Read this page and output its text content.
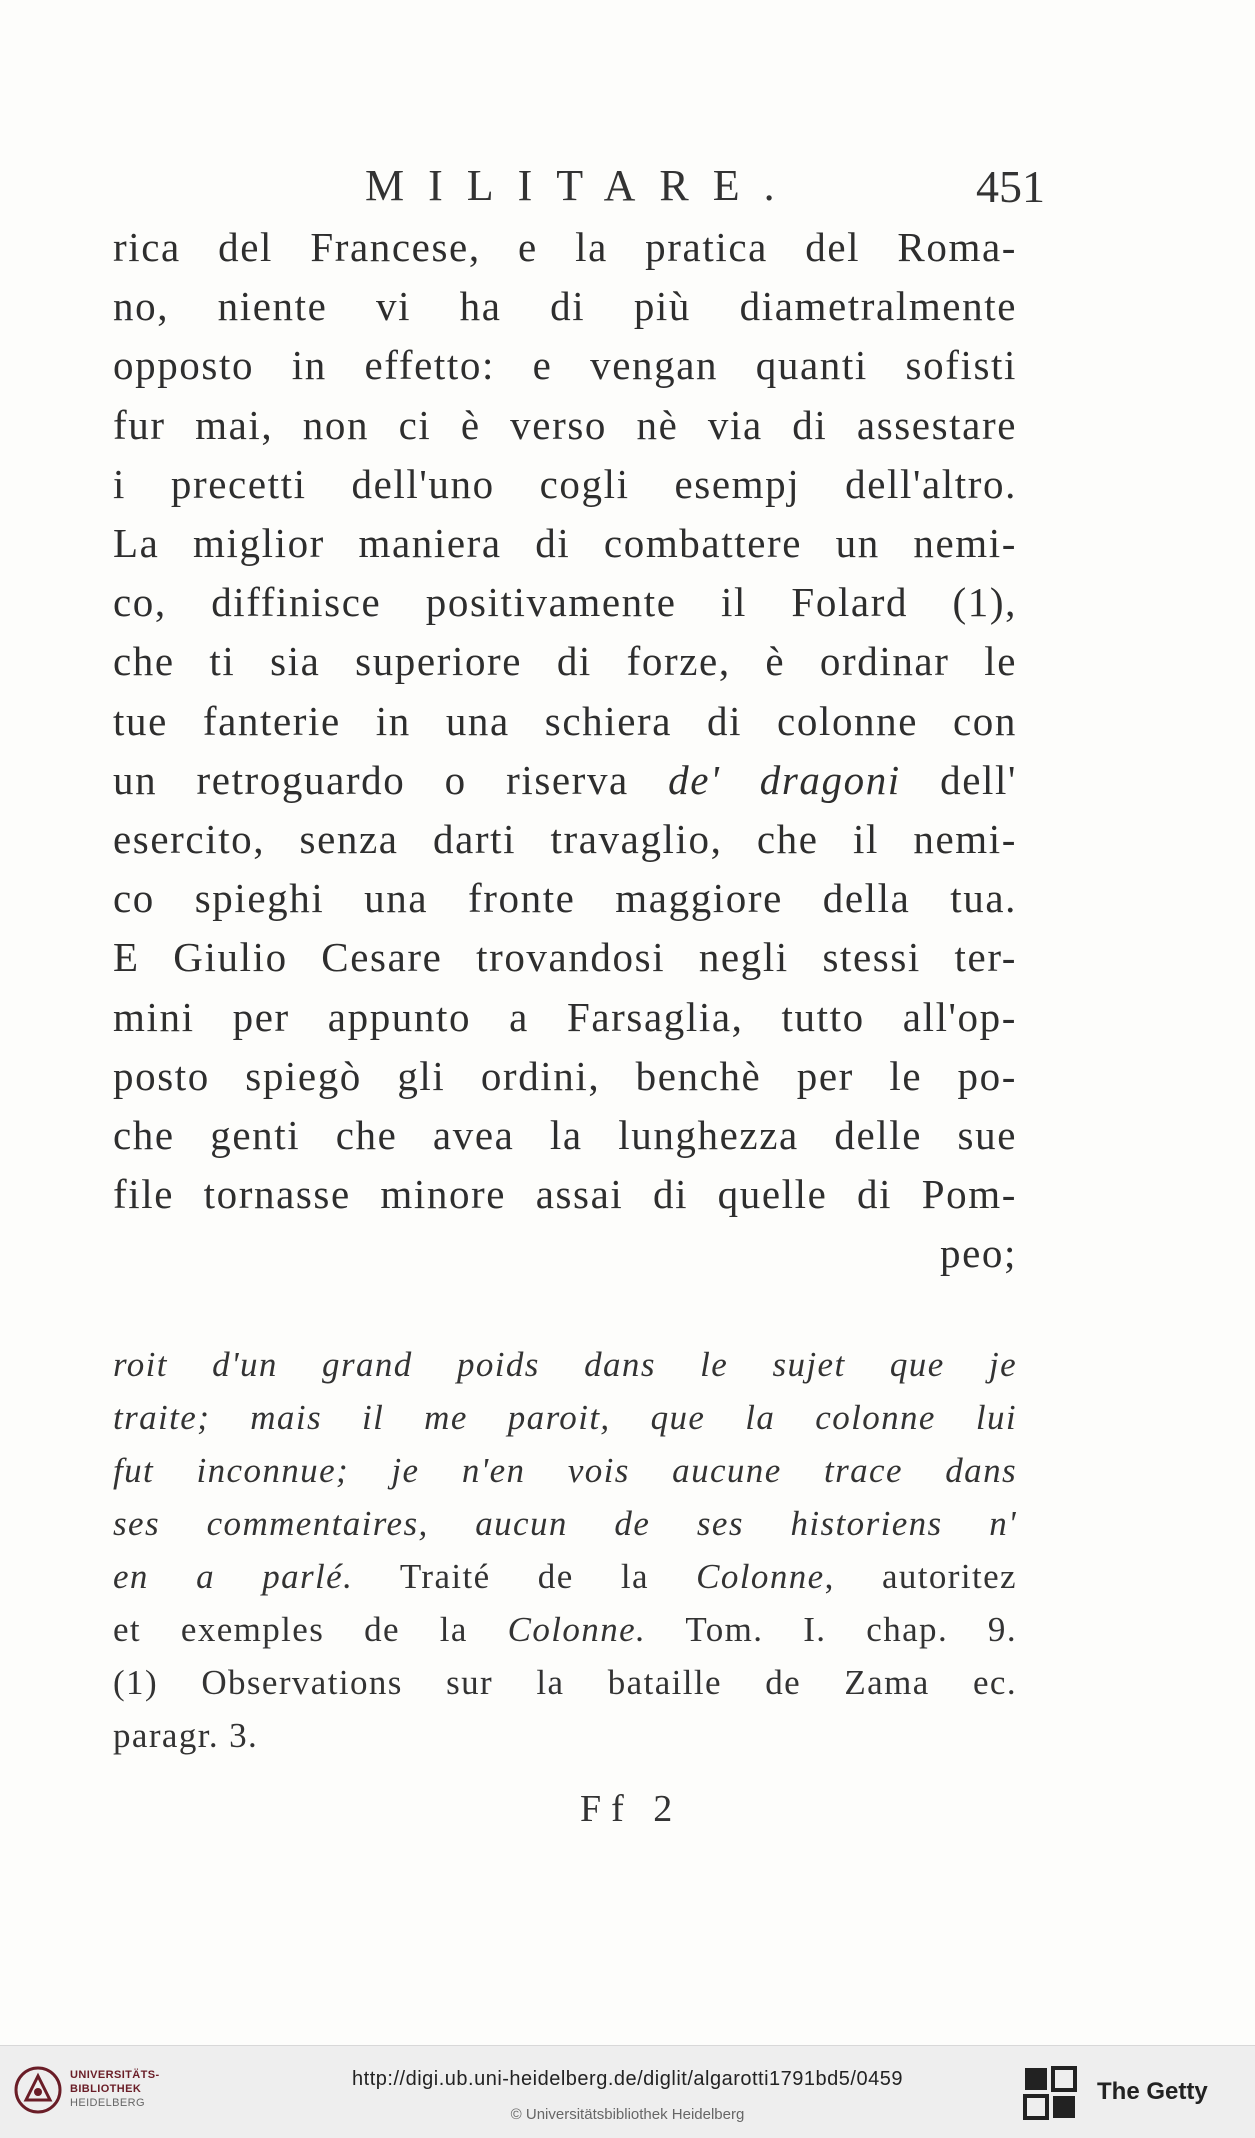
MILITARE.	451
rica del Francese, e la pratica del Roma-
no, niente vi ha di più diametralmente
opposto in effetto: e vengan quanti sofisti
fur mai, non ci è verso nè via di assestare
i precetti dell'uno cogli esempj dell'altro.
La miglior maniera di combattere un nemi-
co, diffinisce positivamente il Folard (1),
che ti sia superiore di forze, è ordinar le
tue fanterie in una schiera di colonne con
un retroguardo o riserva de' dragoni dell'
esercito, senza darti travaglio, che il nemi-
co spieghi una fronte maggiore della tua.
E Giulio Cesare trovandosi negli stessi ter-
mini per appunto a Farsaglia, tutto all'op-
posto spiegò gli ordini, benchè per le po-
che genti che avea la lunghezza delle sue
file tornasse minore assai di quelle di Pom-
peo;
roit d'un grand poids dans le sujet que je
traite; mais il me paroit, que la colonne lui
fut inconnue; je n'en vois aucune trace dans
ses commentaires, aucun de ses historiens n'
en a parlé. Traité de la Colonne, autoritez
et exemples de la Colonne. Tom. I. chap. 9.
(1) Observations sur la bataille de Zama ec.
paragr. 3.
Ff 2
UNIVERSITÄTS-
BIBLIOTHEK
HEIDELBERG
http://digi.ub.uni-heidelberg.de/diglit/algarotti1791bd5/0459
© Universitätsbibliothek Heidelberg
The Getty
